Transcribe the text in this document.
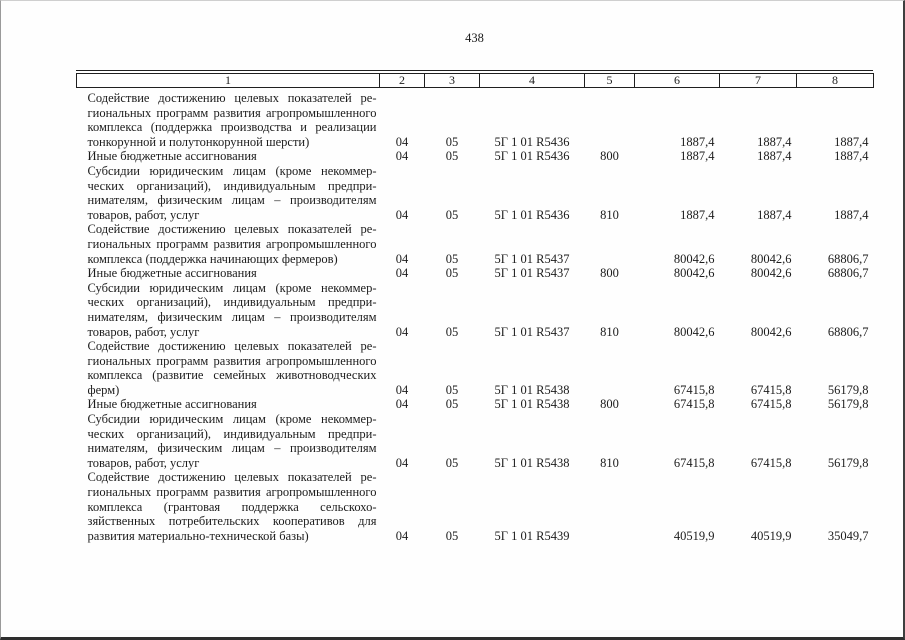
438
1	2	3	4	5	6	7	8
Содействие достижению целевых показателей региональных программ развития агропромышленного комплекса (поддержка производства и реализации тонкорунной и полутонкорунной шерсти)	04	05	5Г 1 01 R5436		1887,4	1887,4	1887,4
Иные бюджетные ассигнования	04	05	5Г 1 01 R5436	800	1887,4	1887,4	1887,4
Субсидии юридическим лицам (кроме некоммерческих организаций), индивидуальным предпринимателям, физическим лицам – производителям товаров, работ, услуг	04	05	5Г 1 01 R5436	810	1887,4	1887,4	1887,4
Содействие достижению целевых показателей региональных программ развития агропромышленного комплекса (поддержка начинающих фермеров)	04	05	5Г 1 01 R5437		80042,6	80042,6	68806,7
Иные бюджетные ассигнования	04	05	5Г 1 01 R5437	800	80042,6	80042,6	68806,7
Субсидии юридическим лицам (кроме некоммерческих организаций), индивидуальным предпринимателям, физическим лицам – производителям товаров, работ, услуг	04	05	5Г 1 01 R5437	810	80042,6	80042,6	68806,7
Содействие достижению целевых показателей региональных программ развития агропромышленного комплекса (развитие семейных животноводческих ферм)	04	05	5Г 1 01 R5438		67415,8	67415,8	56179,8
Иные бюджетные ассигнования	04	05	5Г 1 01 R5438	800	67415,8	67415,8	56179,8
Субсидии юридическим лицам (кроме некоммерческих организаций), индивидуальным предпринимателям, физическим лицам – производителям товаров, работ, услуг	04	05	5Г 1 01 R5438	810	67415,8	67415,8	56179,8
Содействие достижению целевых показателей региональных программ развития агропромышленного комплекса (грантовая поддержка сельскохозяйственных потребительских кооперативов для развития материально-технической базы)	04	05	5Г 1 01 R5439		40519,9	40519,9	35049,7
